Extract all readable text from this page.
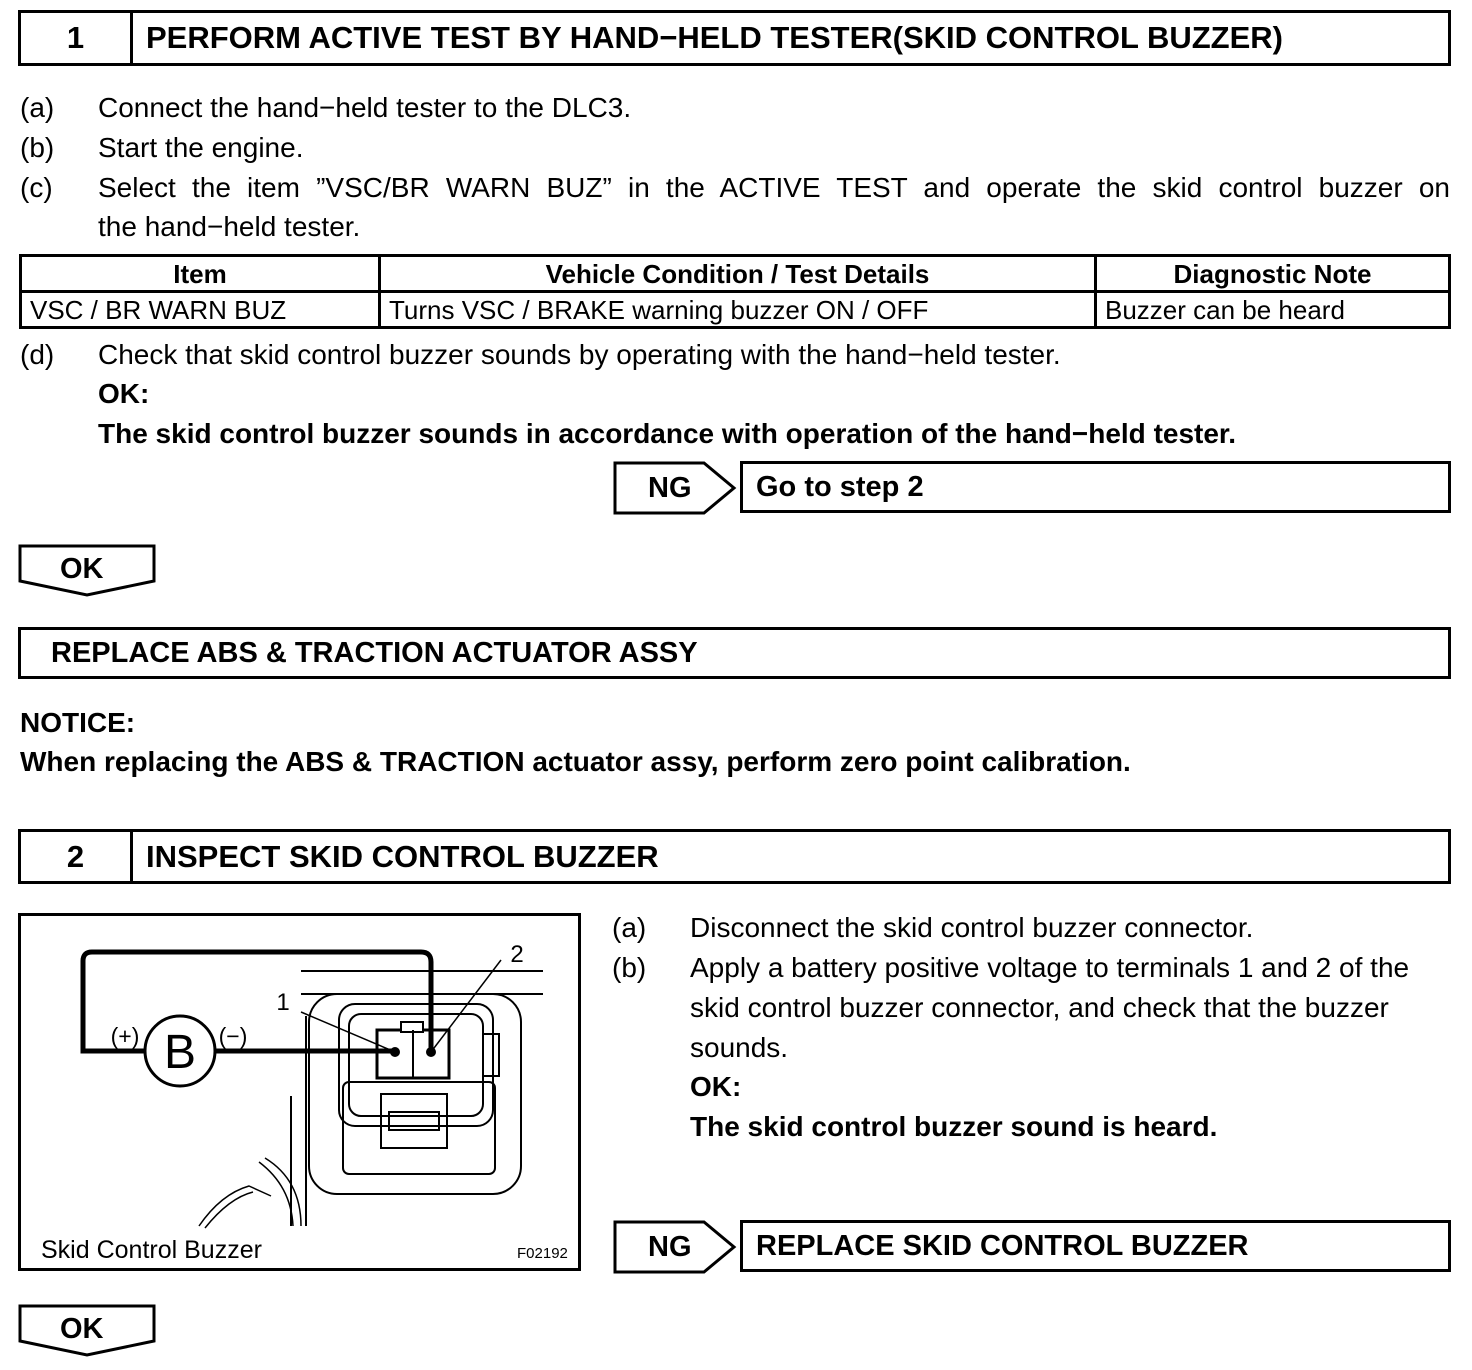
1	PERFORM ACTIVE TEST BY HAND−HELD TESTER(SKID CONTROL BUZZER)
(a) Connect the hand−held tester to the DLC3.
(b) Start the engine.
(c) Select the item ”VSC/BR WARN BUZ” in the ACTIVE TEST and operate the skid control buzzer on
the hand−held tester.
Item	Vehicle Condition / Test Details	Diagnostic Note
VSC / BR WARN BUZ	Turns VSC / BRAKE warning buzzer ON / OFF	Buzzer can be heard
(d) Check that skid control buzzer sounds by operating with the hand−held tester.
OK:
The skid control buzzer sounds in accordance with operation of the hand−held tester.
NG	Go to step 2
OK
REPLACE ABS & TRACTION ACTUATOR ASSY
NOTICE:
When replacing the ABS & TRACTION actuator assy, perform zero point calibration.
2	INSPECT SKID CONTROL BUZZER
B
(+)	(−)
1
2
Skid Control Buzzer	F02192
(a) Disconnect the skid control buzzer connector.
(b) Apply a battery positive voltage to terminals 1 and 2 of the
skid control buzzer connector, and check that the buzzer
sounds.
OK:
The skid control buzzer sound is heard.
NG	REPLACE SKID CONTROL BUZZER
OK
